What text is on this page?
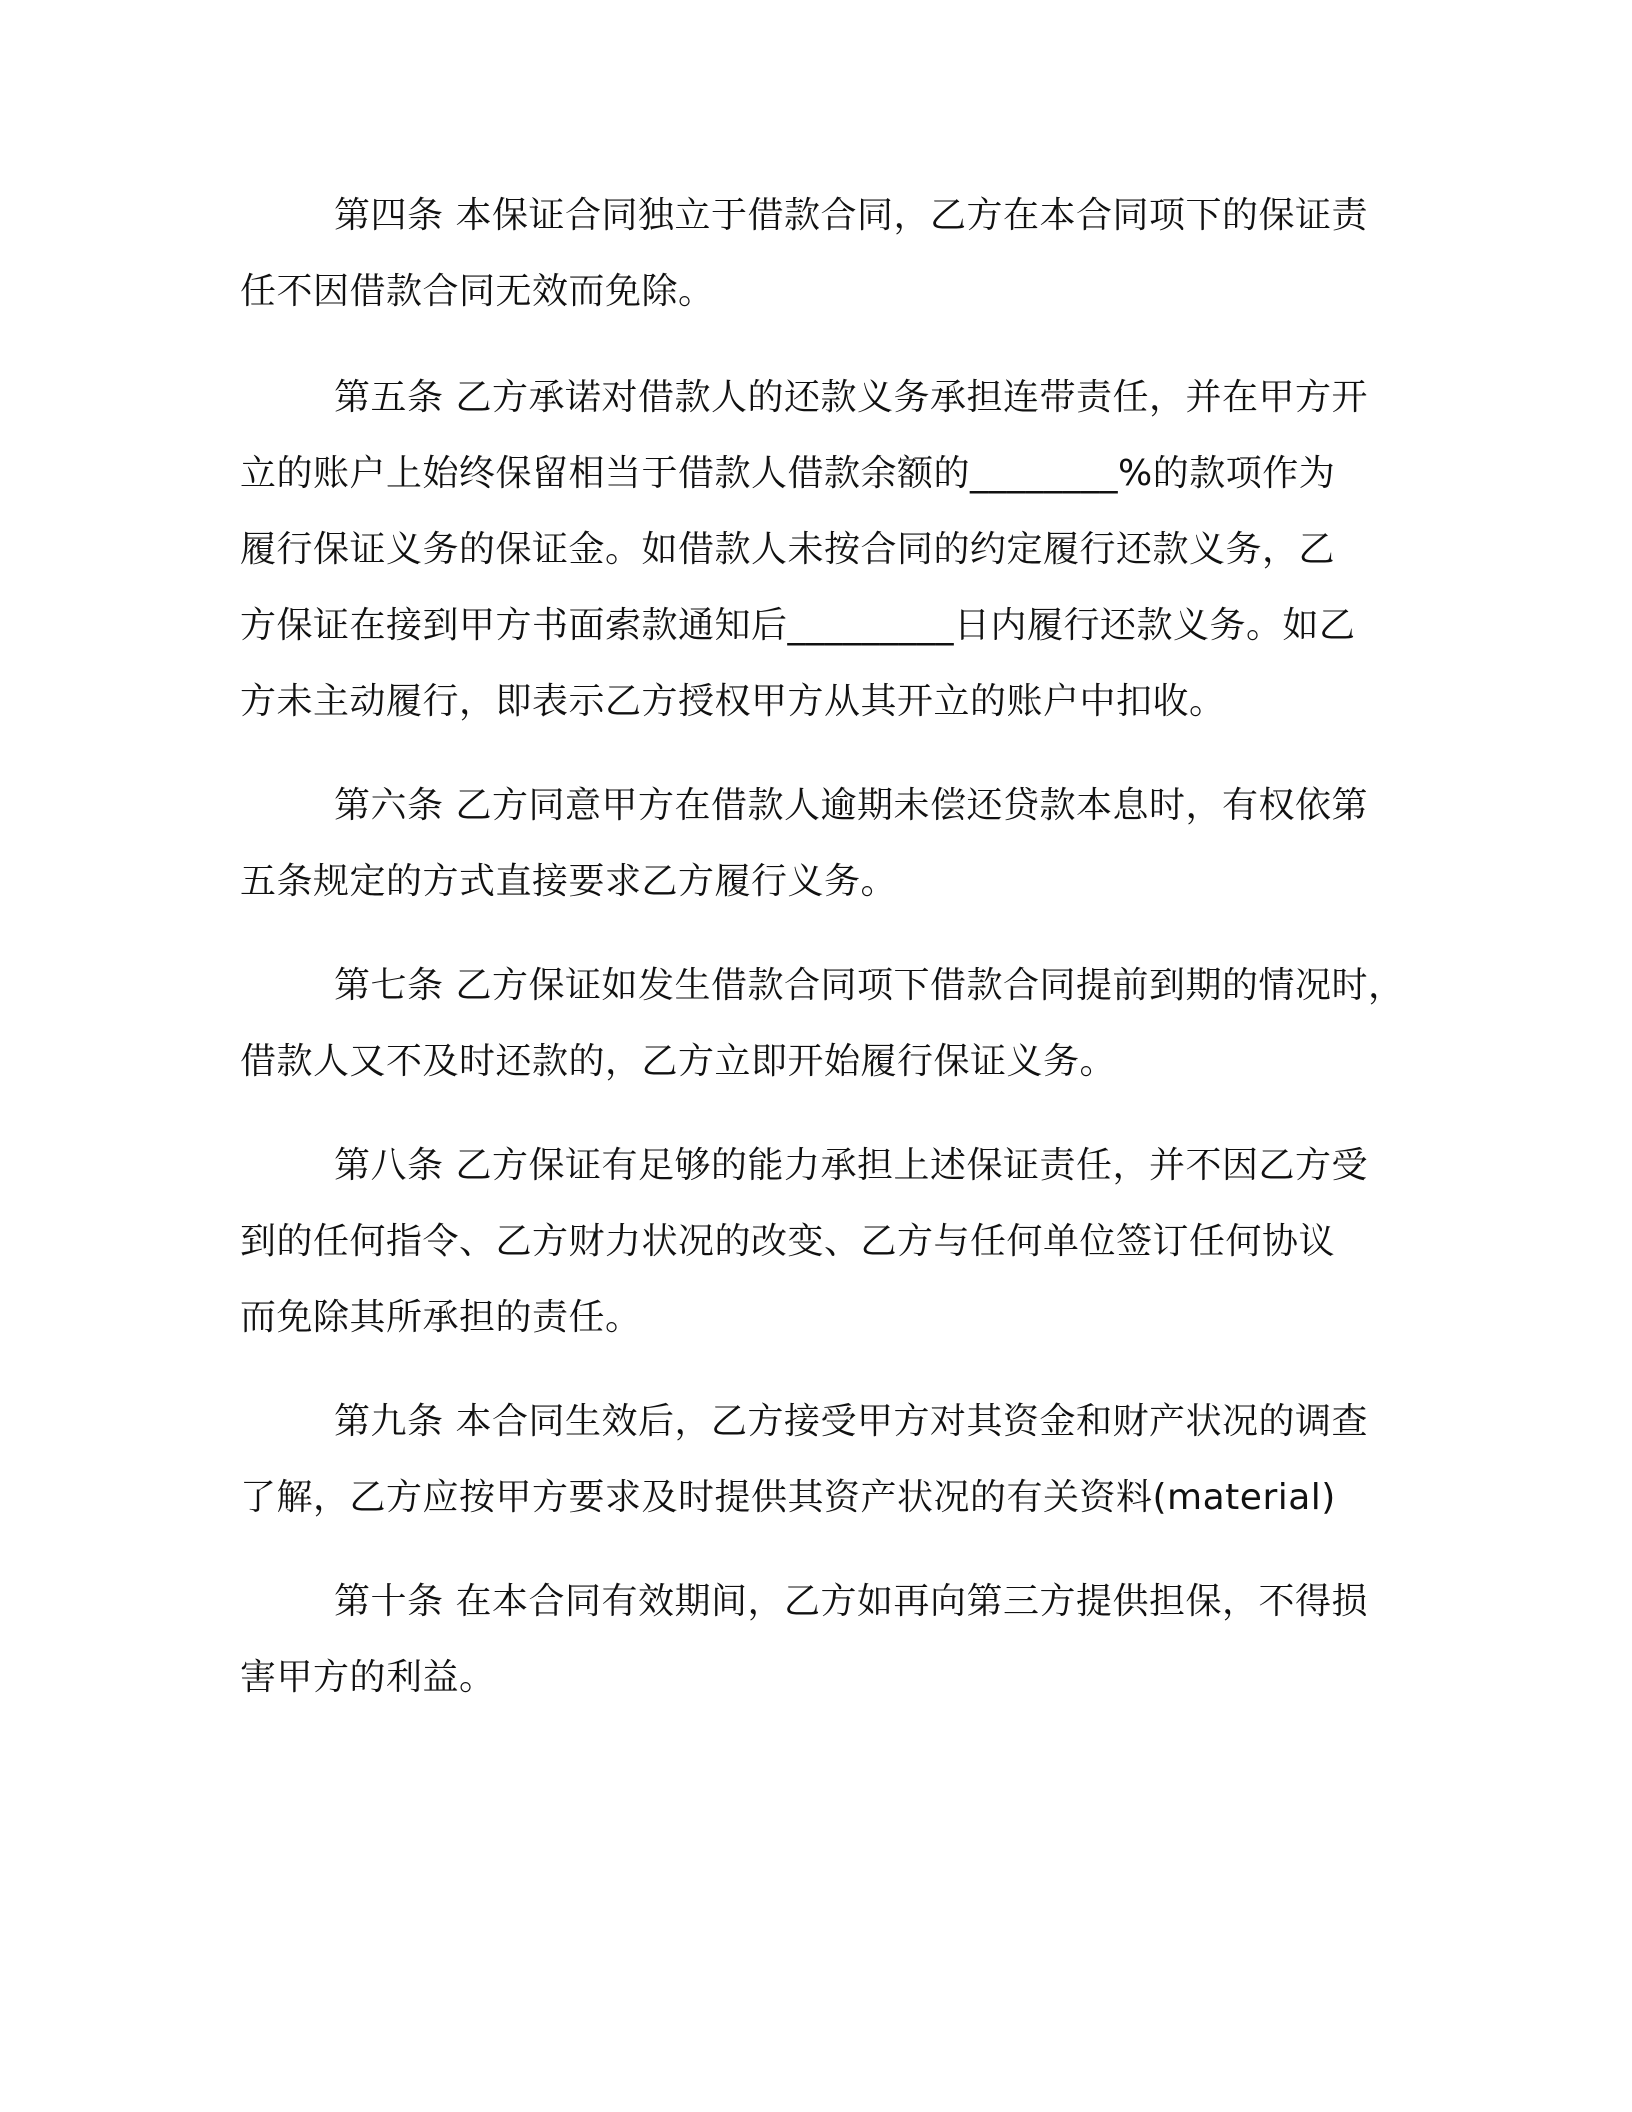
第四条 本保证合同独立于借款合同，乙方在本合同项下的保证责
任不因借款合同无效而免除。
第五条 乙方承诺对借款人的还款义务承担连带责任，并在甲方开
立的账户上始终保留相当于借款人借款余额的________%的款项作为
履行保证义务的保证金。如借款人未按合同的约定履行还款义务，乙
方保证在接到甲方书面索款通知后_________日内履行还款义务。如乙
方未主动履行，即表示乙方授权甲方从其开立的账户中扣收。
第六条 乙方同意甲方在借款人逾期未偿还贷款本息时，有权依第
五条规定的方式直接要求乙方履行义务。
第七条 乙方保证如发生借款合同项下借款合同提前到期的情况时，
借款人又不及时还款的，乙方立即开始履行保证义务。
第八条 乙方保证有足够的能力承担上述保证责任，并不因乙方受
到的任何指令、乙方财力状况的改变、乙方与任何单位签订任何协议
而免除其所承担的责任。
第九条 本合同生效后，乙方接受甲方对其资金和财产状况的调查
了解，乙方应按甲方要求及时提供其资产状况的有关资料(material)
第十条 在本合同有效期间，乙方如再向第三方提供担保，不得损
害甲方的利益。
